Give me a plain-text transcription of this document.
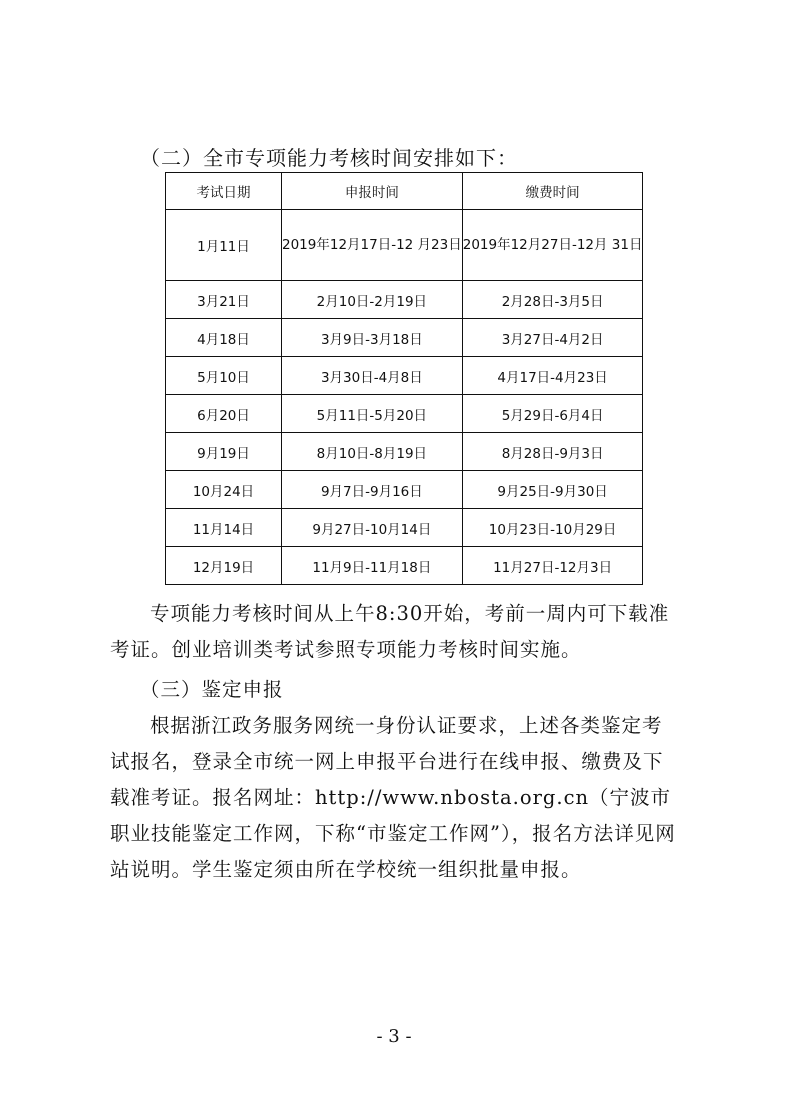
（二）全市专项能力考核时间安排如下：
考试日期	申报时间	缴费时间
1月11日	2019年12月17日-12 月23日	2019年12月27日-12月 31日
3月21日	2月10日-2月19日	2月28日-3月5日
4月18日	3月9日-3月18日	3月27日-4月2日
5月10日	3月30日-4月8日	4月17日-4月23日
6月20日	5月11日-5月20日	5月29日-6月4日
9月19日	8月10日-8月19日	8月28日-9月3日
10月24日	9月7日-9月16日	9月25日-9月30日
11月14日	9月27日-10月14日	10月23日-10月29日
12月19日	11月9日-11月18日	11月27日-12月3日

专项能力考核时间从上午8:30开始，考前一周内可下载准考证。创业培训类考试参照专项能力考核时间实施。

（三）鉴定申报

根据浙江政务服务网统一身份认证要求，上述各类鉴定考试报名，登录全市统一网上申报平台进行在线申报、缴费及下载准考证。报名网址：http://www.nbosta.org.cn（宁波市职业技能鉴定工作网，下称“市鉴定工作网”），报名方法详见网站说明。学生鉴定须由所在学校统一组织批量申报。

- 3 -
